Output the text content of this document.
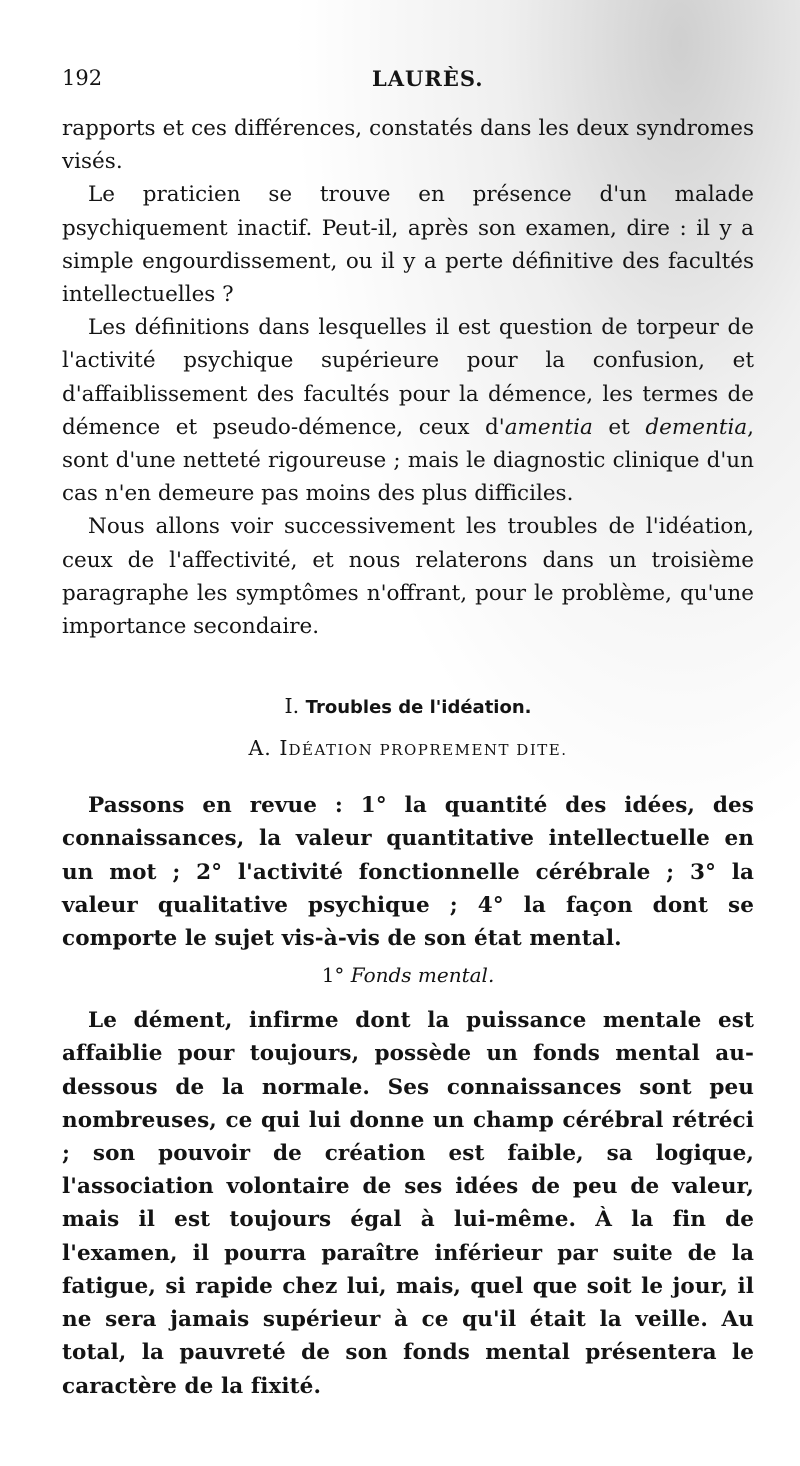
192	LAURÈS.

rapports et ces différences, constatés dans les deux syndromes visés.

Le praticien se trouve en présence d'un malade psychiquement inactif. Peut-il, après son examen, dire : il y a simple engourdissement, ou il y a perte définitive des facultés intellectuelles ?

Les définitions dans lesquelles il est question de torpeur de l'activité psychique supérieure pour la confusion, et d'affaiblissement des facultés pour la démence, les termes de démence et pseudo-démence, ceux d'amentia et dementia, sont d'une netteté rigoureuse ; mais le diagnostic clinique d'un cas n'en demeure pas moins des plus difficiles.

Nous allons voir successivement les troubles de l'idéation, ceux de l'affectivité, et nous relaterons dans un troisième paragraphe les symptômes n'offrant, pour le problème, qu'une importance secondaire.

I. Troubles de l'idéation.
A. IDÉATION PROPREMENT DITE.

Passons en revue : 1° la quantité des idées, des connaissances, la valeur quantitative intellectuelle en un mot ; 2° l'activité fonctionnelle cérébrale ; 3° la valeur qualitative psychique ; 4° la façon dont se comporte le sujet vis-à-vis de son état mental.

1° Fonds mental.

Le dément, infirme dont la puissance mentale est affaiblie pour toujours, possède un fonds mental au-dessous de la normale. Ses connaissances sont peu nombreuses, ce qui lui donne un champ cérébral rétréci ; son pouvoir de création est faible, sa logique, l'association volontaire de ses idées de peu de valeur, mais il est toujours égal à lui-même. À la fin de l'examen, il pourra paraître inférieur par suite de la fatigue, si rapide chez lui, mais, quel que soit le jour, il ne sera jamais supérieur à ce qu'il était la veille. Au total, la pauvreté de son fonds mental présentera le caractère de la fixité.
